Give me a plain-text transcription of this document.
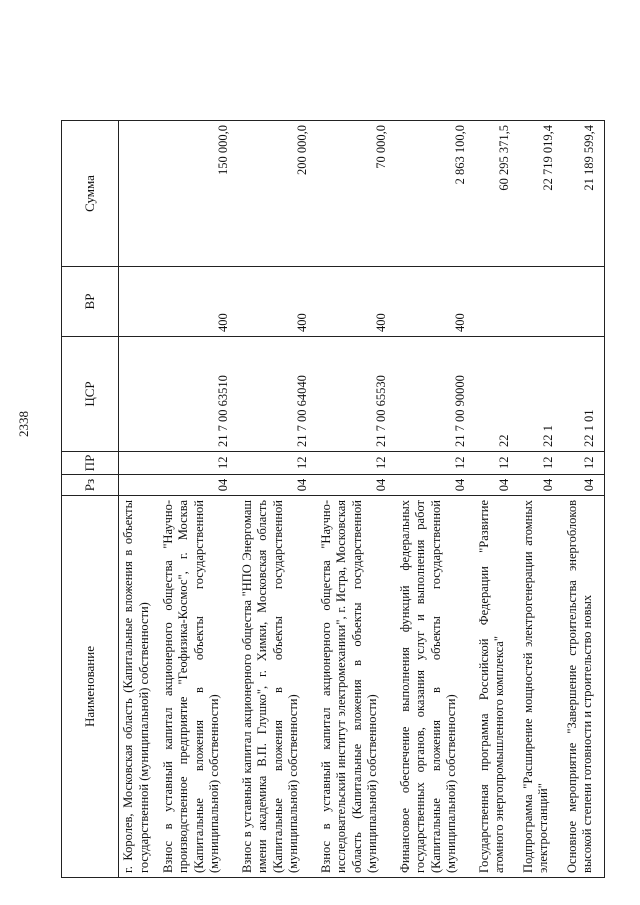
2338
Наименование	Рз	ПР	ЦСР	ВР	Сумма
г. Королев, Московская область (Капитальные вложения в объекты государственной (муниципальной) собственности)					
Взнос в уставный капитал акционерного общества "Научно-производственное предприятие "Геофизика-Космос", г. Москва (Капитальные вложения в объекты государственной (муниципальной) собственности)	04	12	21 7 00 63510	400	150 000,0
Взнос в уставный капитал акционерного общества "НПО Энергомаш имени академика В.П. Глушко", г. Химки, Московская область (Капитальные вложения в объекты государственной (муниципальной) собственности)	04	12	21 7 00 64040	400	200 000,0
Взнос в уставный капитал акционерного общества "Научно-исследовательский институт электромеханики", г. Истра, Московская область (Капитальные вложения в объекты государственной (муниципальной) собственности)	04	12	21 7 00 65530	400	70 000,0
Финансовое обеспечение выполнения функций федеральных государственных органов, оказания услуг и выполнения работ (Капитальные вложения в объекты государственной (муниципальной) собственности)	04	12	21 7 00 90000	400	2 863 100,0
Государственная программа Российской Федерации "Развитие атомного энергопромышленного комплекса"	04	12	22		60 295 371,5
Подпрограмма "Расширение мощностей электрогенерации атомных электростанций"	04	12	22 1		22 719 019,4
Основное мероприятие "Завершение строительства энергоблоков высокой степени готовности и строительство новых	04	12	22 1 01		21 189 599,4
